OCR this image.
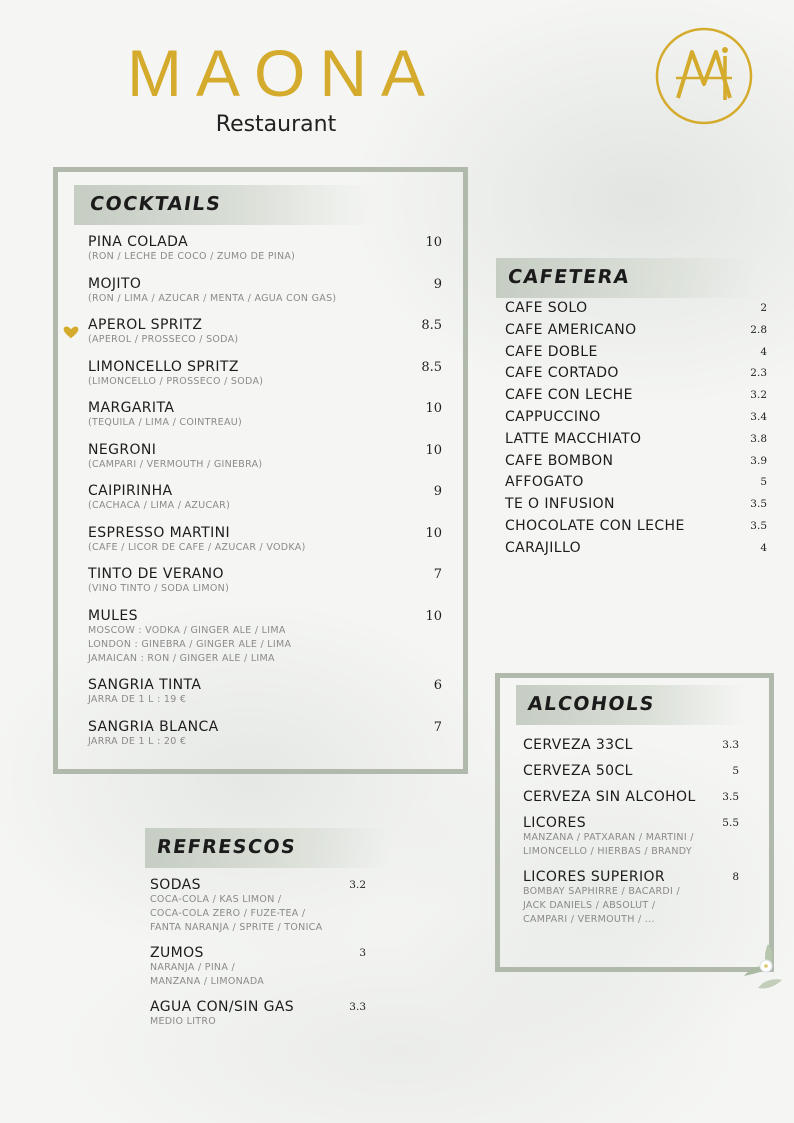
MAONA
Restaurant	M
COCKTAILS
PINA COLADA
(RON / LECHE DE COCO / ZUMO DE PINA)
10
MOJITO
(RON / LIMA / AZUCAR / MENTA / AGUA CON GAS)
9
APEROL SPRITZ
(APEROL / PROSSECO / SODA)
8.5
LIMONCELLO SPRITZ
(LIMONCELLO / PROSSECO / SODA)
8.5
MARGARITA
(TEQUILA / LIMA / COINTREAU)
10
NEGRONI
(CAMPARI / VERMOUTH / GINEBRA)
10
CAIPIRINHA
(CACHACA / LIMA / AZUCAR)
9
ESPRESSO MARTINI
(CAFE / LICOR DE CAFE / AZUCAR / VODKA)
10
TINTO DE VERANO
(VINO TINTO / SODA LIMON)
7
MULES
MOSCOW : VODKA / GINGER ALE / LIMA
LONDON : GINEBRA / GINGER ALE / LIMA
JAMAICAN : RON / GINGER ALE / LIMA
10
SANGRIA TINTA
JARRA DE 1 L : 19 €
6
SANGRIA BLANCA
JARRA DE 1 L : 20 €
7
CAFETERA
CAFE SOLO	2
CAFE AMERICANO	2.8
CAFE DOBLE	4
CAFE CORTADO	2.3
CAFE CON LECHE	3.2
CAPPUCCINO	3.4
LATTE MACCHIATO	3.8
CAFE BOMBON	3.9
AFFOGATO	5
TE O INFUSION	3.5
CHOCOLATE CON LECHE	3.5
CARAJILLO	4
ALCOHOLS
CERVEZA 33CL	3.3
CERVEZA 50CL	5
CERVEZA SIN ALCOHOL	3.5
LICORES
MANZANA / PATXARAN / MARTINI /
LIMONCELLO / HIERBAS / BRANDY
5.5
LICORES SUPERIOR
BOMBAY SAPHIRRE / BACARDI /
JACK DANIELS / ABSOLUT /
CAMPARI / VERMOUTH / ...
8
REFRESCOS
SODAS
COCA-COLA / KAS LIMON /
COCA-COLA ZERO / FUZE-TEA /
FANTA NARANJA / SPRITE / TONICA
3.2
ZUMOS
NARANJA / PINA /
MANZANA / LIMONADA
3
AGUA CON/SIN GAS
MEDIO LITRO
3.3
